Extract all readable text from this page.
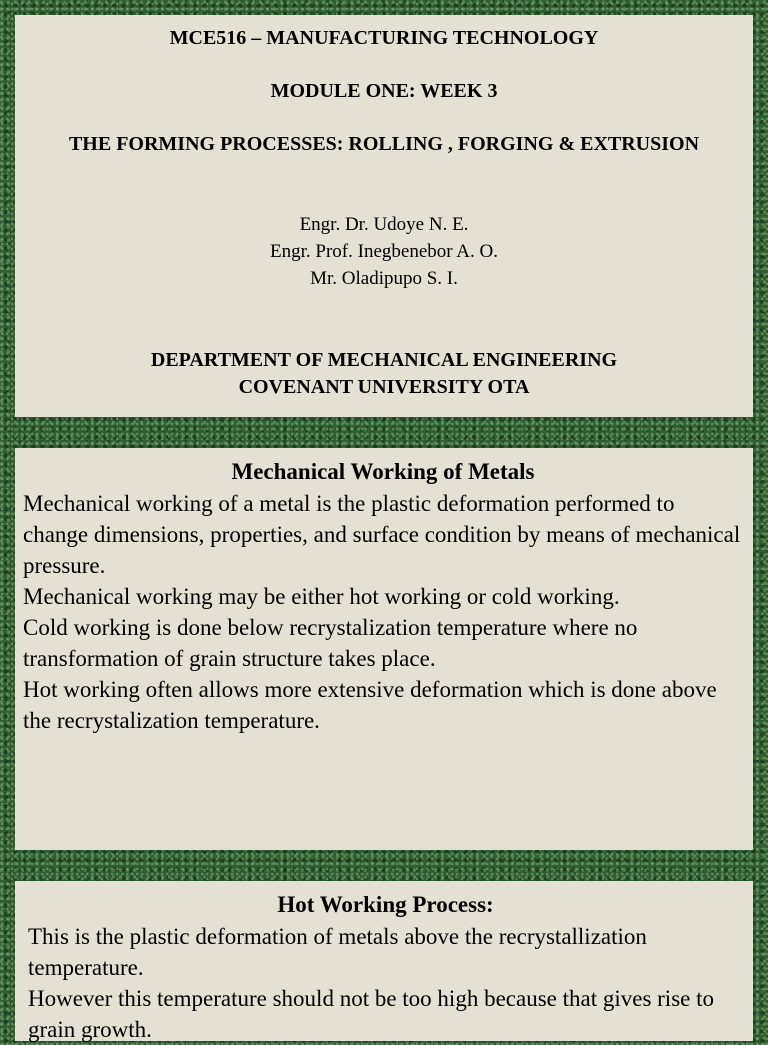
MCE516 – MANUFACTURING TECHNOLOGY
MODULE ONE: WEEK 3
THE FORMING PROCESSES: ROLLING , FORGING & EXTRUSION
Engr. Dr. Udoye N. E.
Engr. Prof. Inegbenebor A. O.
Mr. Oladipupo S. I.
DEPARTMENT OF MECHANICAL ENGINEERING
COVENANT UNIVERSITY OTA
Mechanical Working of Metals

Mechanical working of a metal is the plastic deformation performed to change dimensions, properties, and surface condition by means of mechanical pressure.

Mechanical working may be either hot working or cold working.

Cold working is done below recrystalization temperature where no transformation of grain structure takes place.

Hot working often allows more extensive deformation which is done above the recrystalization temperature.

Hot Working Process:

This is the plastic deformation of metals above the recrystallization temperature.

However this temperature should not be too high because that gives rise to grain growth.
